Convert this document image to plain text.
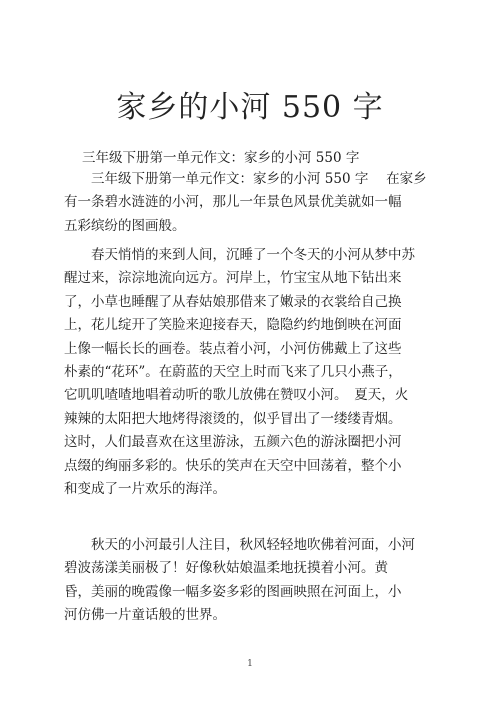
家乡的小河 550 字
三年级下册第一单元作文：家乡的小河 550 字
三年级下册第一单元作文：家乡的小河 550 字　 在家乡
有一条碧水涟涟的小河，那儿一年景色风景优美就如一幅
五彩缤纷的图画般。
春天悄悄的来到人间，沉睡了一个冬天的小河从梦中苏
醒过来，淙淙地流向远方。河岸上，竹宝宝从地下钻出来
了，小草也睡醒了从春姑娘那借来了嫩录的衣裳给自己换
上，花儿绽开了笑脸来迎接春天，隐隐约约地倒映在河面
上像一幅长长的画卷。装点着小河，小河仿佛戴上了这些
朴素的“花环”。在蔚蓝的天空上时而飞来了几只小燕子，
它叽叽喳喳地唱着动听的歌儿放佛在赞叹小河。　夏天，火
辣辣的太阳把大地烤得滚烫的，似乎冒出了一缕缕青烟。
这时，人们最喜欢在这里游泳，五颜六色的游泳圈把小河
点缀的绚丽多彩的。快乐的笑声在天空中回荡着，整个小
和变成了一片欢乐的海洋。
秋天的小河最引人注目，秋风轻轻地吹佛着河面，小河
碧波荡漾美丽极了！好像秋姑娘温柔地抚摸着小河。黄
昏，美丽的晚霞像一幅多姿多彩的图画映照在河面上，小
河仿佛一片童话般的世界。
1
